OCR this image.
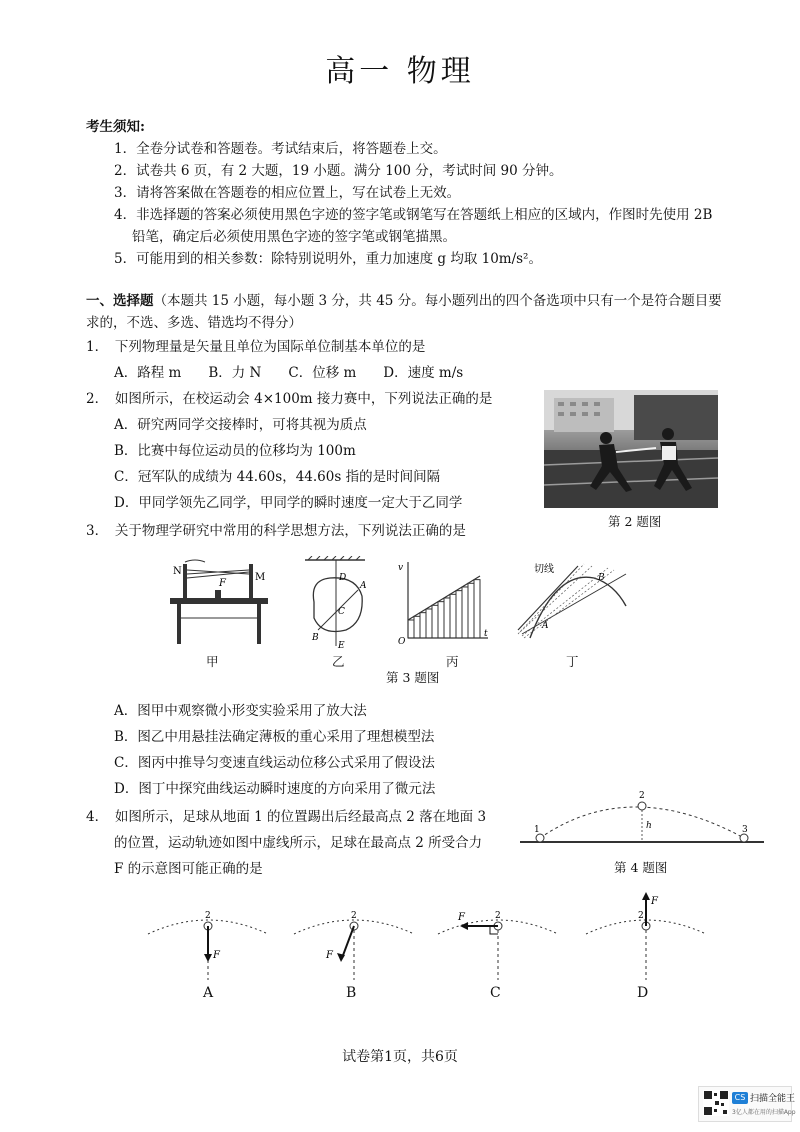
高一 物理
考生须知:
1．全卷分试卷和答题卷。考试结束后，将答题卷上交。
2．试卷共 6 页，有 2 大题，19 小题。满分 100 分，考试时间 90 分钟。
3．请将答案做在答题卷的相应位置上，写在试卷上无效。
4．非选择题的答案必须使用黑色字迹的签字笔或钢笔写在答题纸上相应的区域内，作图时先使用 2B
铅笔，确定后必须使用黑色字迹的签字笔或钢笔描黑。
5．可能用到的相关参数：除特别说明外，重力加速度 g 均取 10m/s²。
一、选择题（本题共 15 小题，每小题 3 分，共 45 分。每小题列出的四个备选项中只有一个是符合题目要
求的，不选、多选、错选均不得分）
1．　下列物理量是矢量且单位为国际单位制基本单位的是
A．路程 m　　B．力 N　　C．位移 m　　D．速度 m/s
2．　如图所示，在校运动会 4×100m 接力赛中，下列说法正确的是
A．研究两同学交接棒时，可将其视为质点
B．比赛中每位运动员的位移均为 100m
C．冠军队的成绩为 44.60s，44.60s 指的是时间间隔
D．甲同学领先乙同学，甲同学的瞬时速度一定大于乙同学
第 2 题图
3．　关于物理学研究中常用的科学思想方法，下列说法正确的是
N
M
F
甲
D
A
C
B
E
乙
v
O
t
丙
A
B
切线
丁
第 3 题图
A．图甲中观察微小形变实验采用了放大法
B．图乙中用悬挂法确定薄板的重心采用了理想模型法
C．图丙中推导匀变速直线运动位移公式采用了假设法
D．图丁中探究曲线运动瞬时速度的方向采用了微元法
4．　如图所示，足球从地面 1 的位置踢出后经最高点 2 落在地面 3
的位置，运动轨迹如图中虚线所示，足球在最高点 2 所受合力
F 的示意图可能正确的是
1
2
3
h
第 4 题图
2
F
A
2
F
B
2
F
C
2
F
D
试卷第1页，共6页
CS 扫描全能王
3亿人都在用的扫描App
